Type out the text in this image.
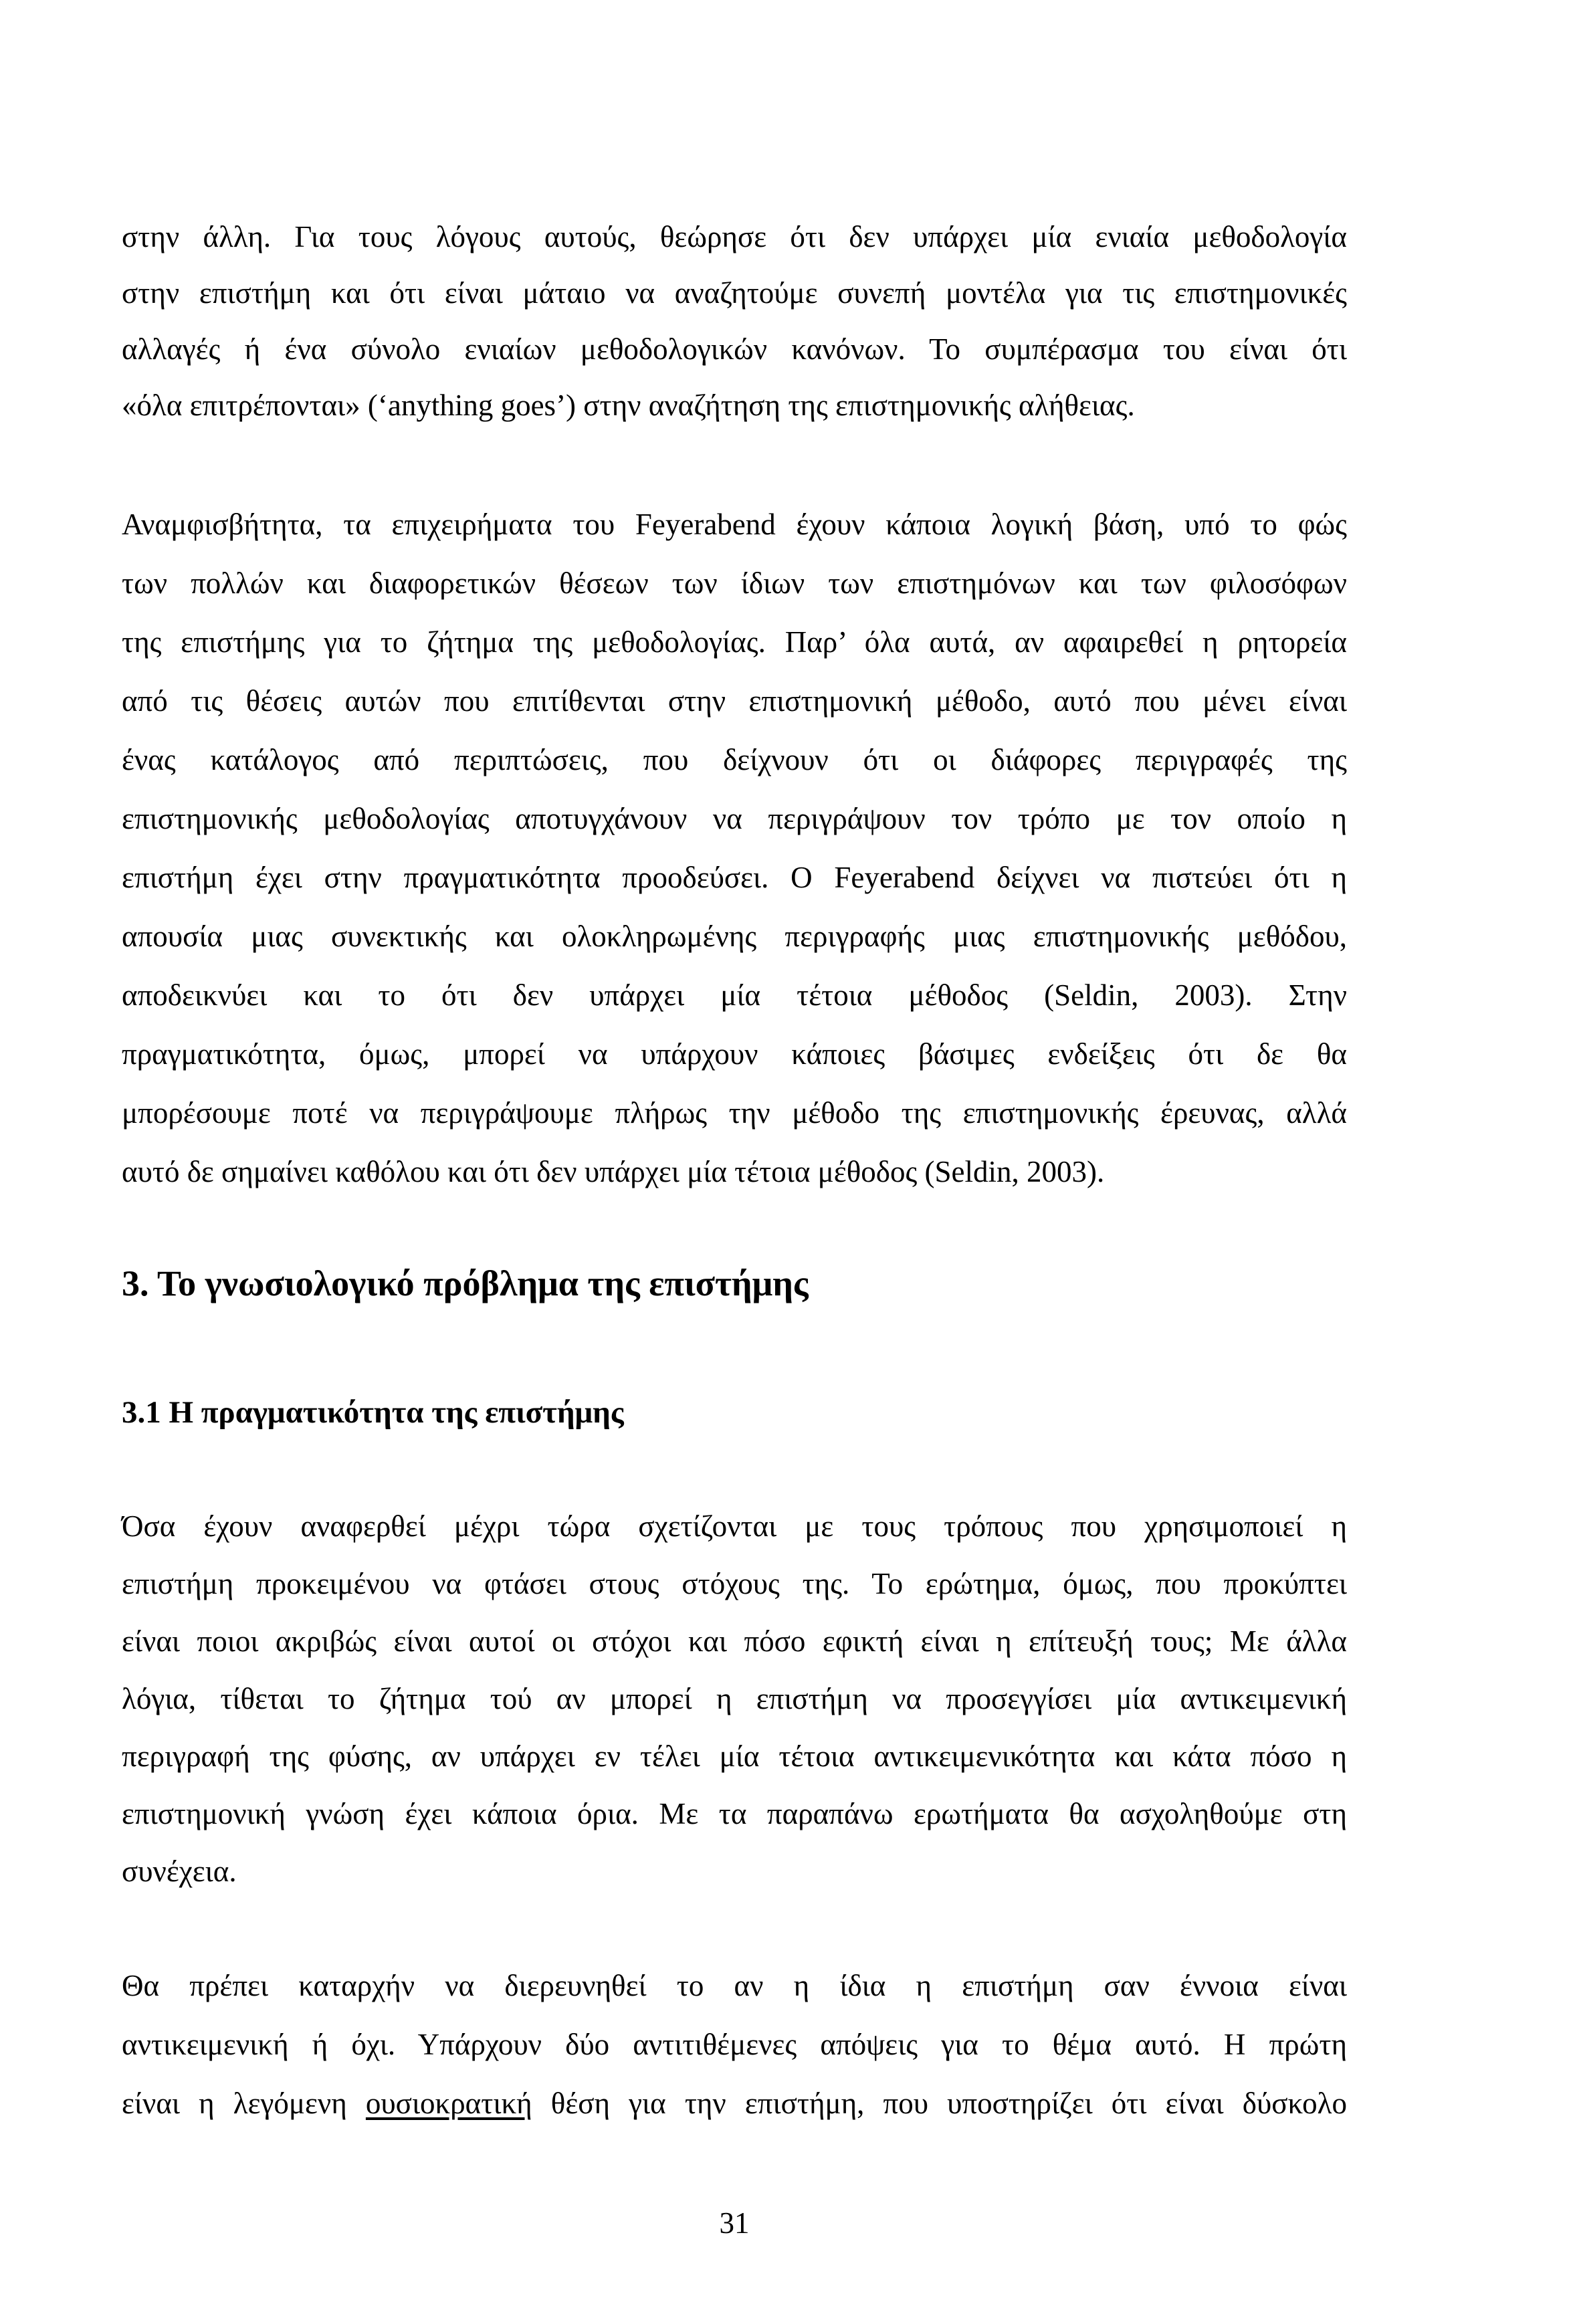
στην άλλη. Για τους λόγους αυτούς, θεώρησε ότι δεν υπάρχει μία ενιαία μεθοδολογία
στην επιστήμη και ότι είναι μάταιο να αναζητούμε συνεπή μοντέλα για τις επιστημονικές
αλλαγές ή ένα σύνολο ενιαίων μεθοδολογικών κανόνων. Το συμπέρασμα του είναι ότι
«όλα επιτρέπονται» (‘anything goes’) στην αναζήτηση της επιστημονικής αλήθειας.
Αναμφισβήτητα, τα επιχειρήματα του Feyerabend έχουν κάποια λογική βάση, υπό το φώς
των πολλών και διαφορετικών θέσεων των ίδιων των επιστημόνων και των φιλοσόφων
της επιστήμης για το ζήτημα της μεθοδολογίας. Παρ’ όλα αυτά, αν αφαιρεθεί η ρητορεία
από τις θέσεις αυτών που επιτίθενται στην επιστημονική μέθοδο, αυτό που μένει είναι
ένας κατάλογος από περιπτώσεις, που δείχνουν ότι οι διάφορες περιγραφές της
επιστημονικής μεθοδολογίας αποτυγχάνουν να περιγράψουν τον τρόπο με τον οποίο η
επιστήμη έχει στην πραγματικότητα προοδεύσει. Ο Feyerabend δείχνει να πιστεύει ότι η
απουσία μιας συνεκτικής και ολοκληρωμένης περιγραφής μιας επιστημονικής μεθόδου,
αποδεικνύει και το ότι δεν υπάρχει μία τέτοια μέθοδος (Seldin, 2003). Στην
πραγματικότητα, όμως, μπορεί να υπάρχουν κάποιες βάσιμες ενδείξεις ότι δε θα
μπορέσουμε ποτέ να περιγράψουμε πλήρως την μέθοδο της επιστημονικής έρευνας, αλλά
αυτό δε σημαίνει καθόλου και ότι δεν υπάρχει μία τέτοια μέθοδος (Seldin, 2003).
3. Το γνωσιολογικό πρόβλημα της επιστήμης
3.1 Η πραγματικότητα της επιστήμης
Όσα έχουν αναφερθεί μέχρι τώρα σχετίζονται με τους τρόπους που χρησιμοποιεί η
επιστήμη προκειμένου να φτάσει στους στόχους της. Το ερώτημα, όμως, που προκύπτει
είναι ποιοι ακριβώς είναι αυτοί οι στόχοι και πόσο εφικτή είναι η επίτευξή τους; Με άλλα
λόγια, τίθεται το ζήτημα τού αν μπορεί η επιστήμη να προσεγγίσει μία αντικειμενική
περιγραφή της φύσης, αν υπάρχει εν τέλει μία τέτοια αντικειμενικότητα και κάτα πόσο η
επιστημονική γνώση έχει κάποια όρια. Με τα παραπάνω ερωτήματα θα ασχοληθούμε στη
συνέχεια.
Θα πρέπει καταρχήν να διερευνηθεί το αν η ίδια η επιστήμη σαν έννοια είναι
αντικειμενική ή όχι. Υπάρχουν δύο αντιτιθέμενες απόψεις για το θέμα αυτό. Η πρώτη
είναι η λεγόμενη ουσιοκρατική θέση για την επιστήμη, που υποστηρίζει ότι είναι δύσκολο
31
